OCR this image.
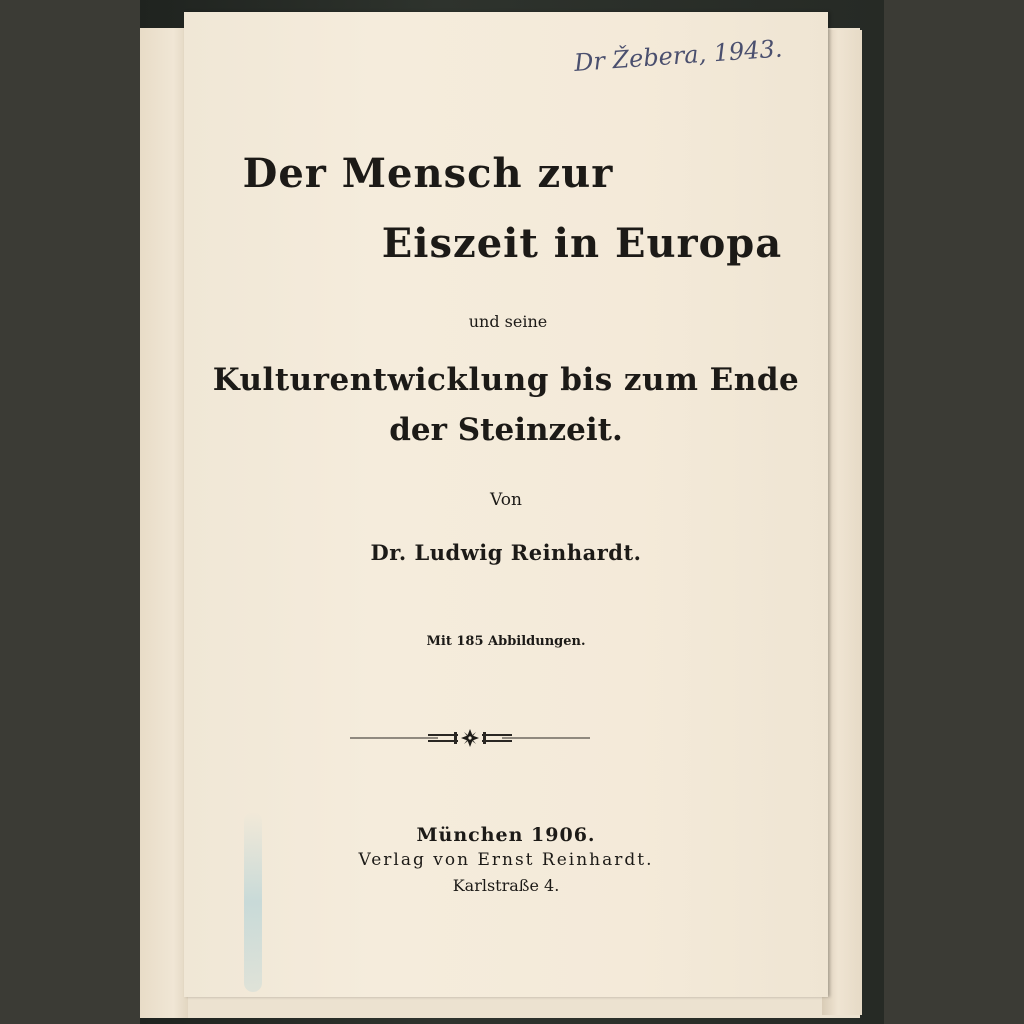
Dr Žebera, 1943.
Der Mensch zur
Eiszeit in Europa
und seine
Kulturentwicklung bis zum Ende
der Steinzeit.
Von
Dr. Ludwig Reinhardt.
Mit 185 Abbildungen.
München 1906.
Verlag von Ernst Reinhardt.
Karlstraße 4.
